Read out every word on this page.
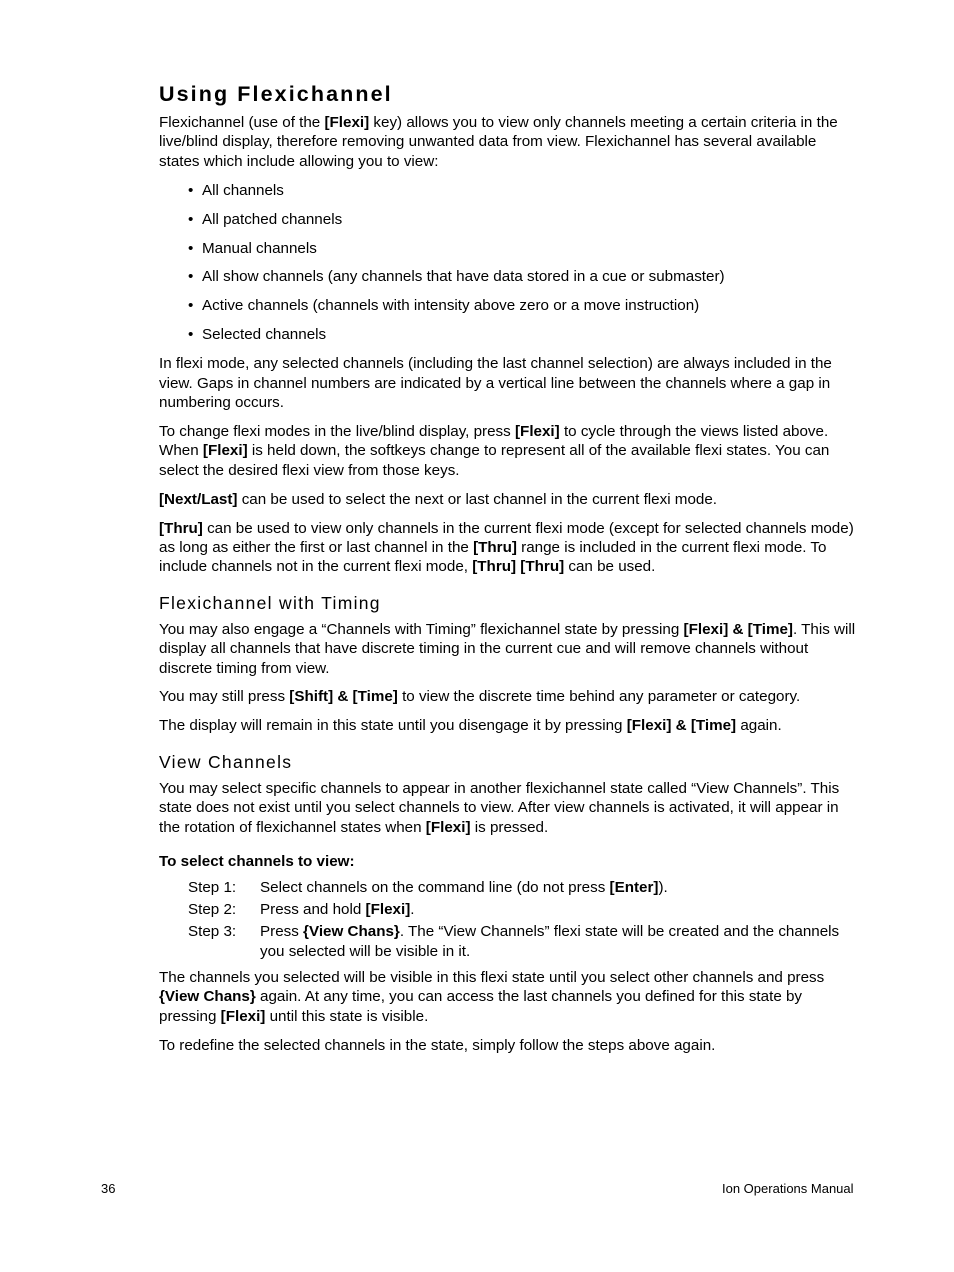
Using Flexichannel

Flexichannel (use of the [Flexi] key) allows you to view only channels meeting a certain criteria in the live/blind display, therefore removing unwanted data from view. Flexichannel has several available states which include allowing you to view:

• All channels
• All patched channels
• Manual channels
• All show channels (any channels that have data stored in a cue or submaster)
• Active channels (channels with intensity above zero or a move instruction)
• Selected channels

In flexi mode, any selected channels (including the last channel selection) are always included in the view. Gaps in channel numbers are indicated by a vertical line between the channels where a gap in numbering occurs.

To change flexi modes in the live/blind display, press [Flexi] to cycle through the views listed above. When [Flexi] is held down, the softkeys change to represent all of the available flexi states. You can select the desired flexi view from those keys.

[Next/Last] can be used to select the next or last channel in the current flexi mode.

[Thru] can be used to view only channels in the current flexi mode (except for selected channels mode) as long as either the first or last channel in the [Thru] range is included in the current flexi mode. To include channels not in the current flexi mode, [Thru] [Thru] can be used.

Flexichannel with Timing

You may also engage a “Channels with Timing” flexichannel state by pressing [Flexi] & [Time]. This will display all channels that have discrete timing in the current cue and will remove channels without discrete timing from view.

You may still press [Shift] & [Time] to view the discrete time behind any parameter or category.

The display will remain in this state until you disengage it by pressing [Flexi] & [Time] again.

View Channels

You may select specific channels to appear in another flexichannel state called “View Channels”. This state does not exist until you select channels to view. After view channels is activated, it will appear in the rotation of flexichannel states when [Flexi] is pressed.

To select channels to view:
Step 1:	Select channels on the command line (do not press [Enter]).
Step 2:	Press and hold [Flexi].
Step 3:	Press {View Chans}. The “View Channels” flexi state will be created and the channels you selected will be visible in it.

The channels you selected will be visible in this flexi state until you select other channels and press {View Chans} again. At any time, you can access the last channels you defined for this state by pressing [Flexi] until this state is visible.

To redefine the selected channels in the state, simply follow the steps above again.

36	Ion Operations Manual
